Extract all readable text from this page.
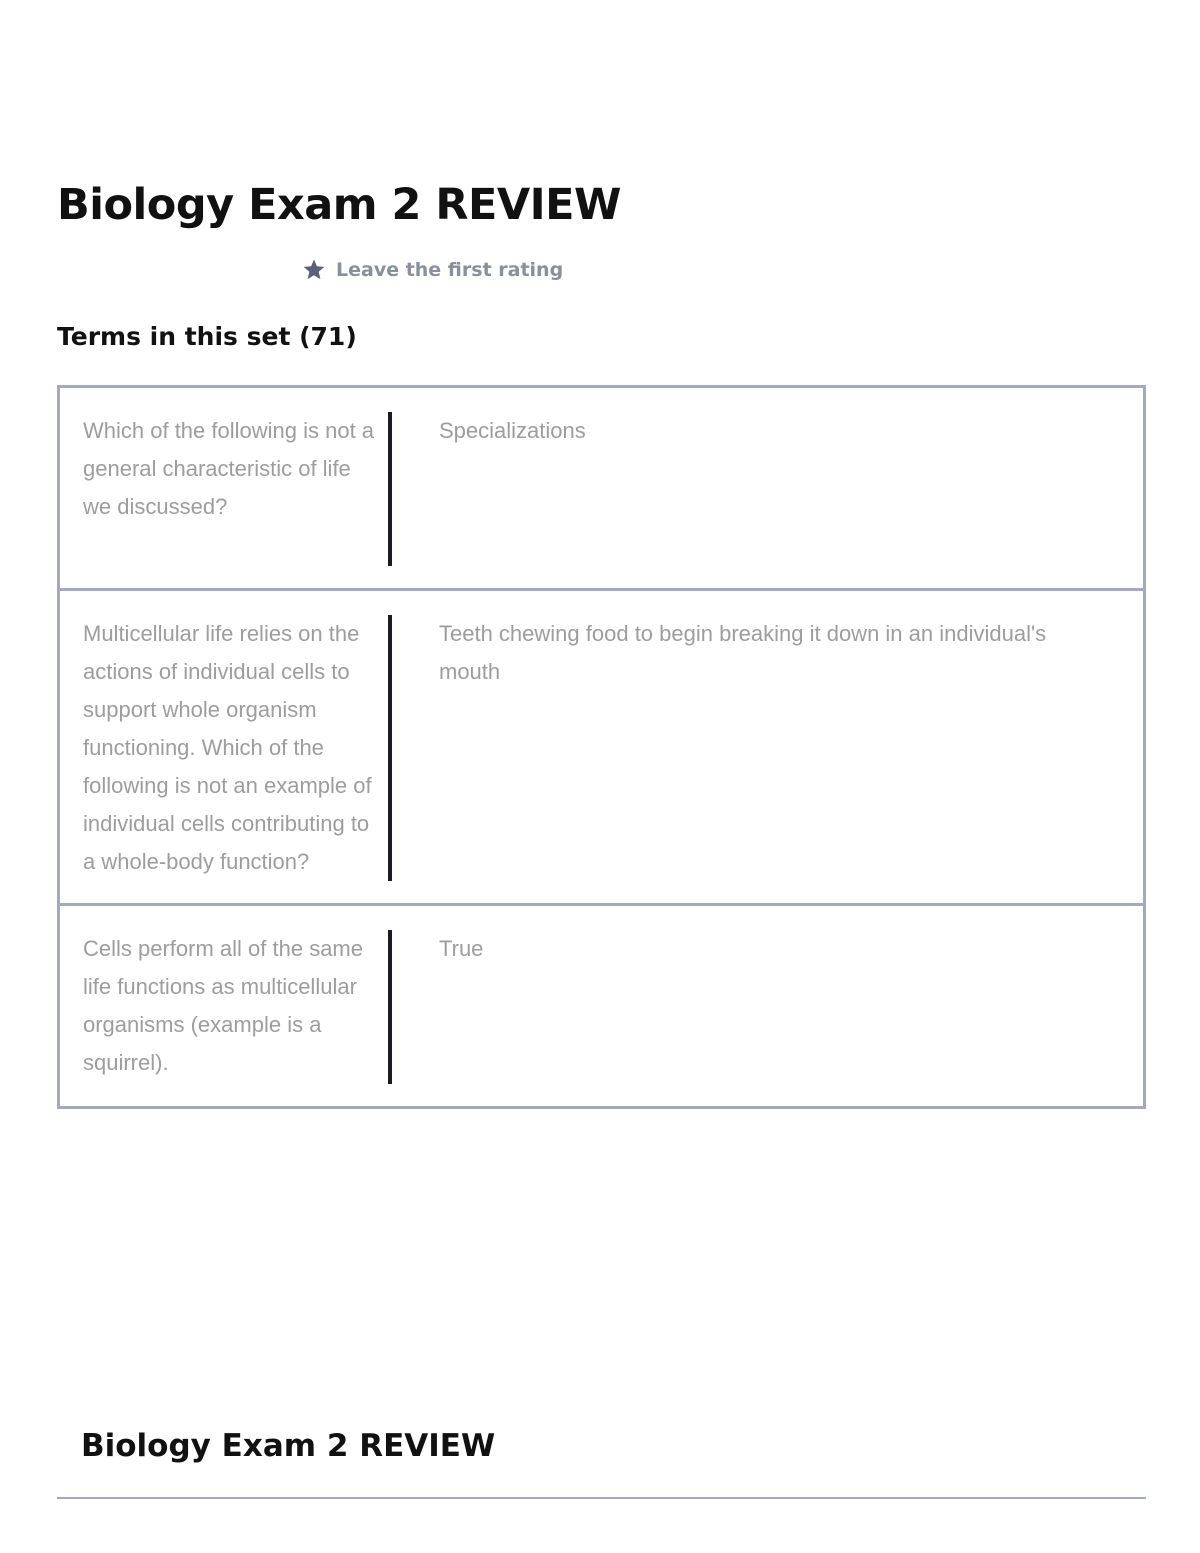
Biology Exam 2 REVIEW
Leave the first rating
Terms in this set (71)
Which of the following is not a general characteristic of life we discussed?
Specializations
Multicellular life relies on the actions of individual cells to support whole organism functioning. Which of the following is not an example of individual cells contributing to a whole-body function?
Teeth chewing food to begin breaking it down in an individual's mouth
Cells perform all of the same life functions as multicellular organisms (example is a squirrel).
True
Biology Exam 2 REVIEW
